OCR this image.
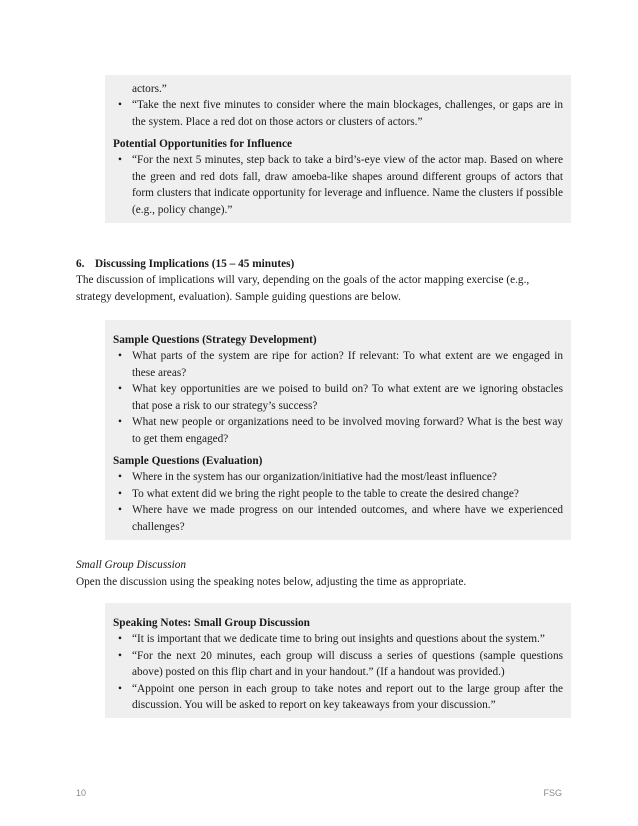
actors.”

• “Take the next five minutes to consider where the main blockages, challenges, or gaps are in the system. Place a red dot on those actors or clusters of actors.”

Potential Opportunities for Influence

• “For the next 5 minutes, step back to take a bird’s-eye view of the actor map. Based on where the green and red dots fall, draw amoeba-like shapes around different groups of actors that form clusters that indicate opportunity for leverage and influence. Name the clusters if possible (e.g., policy change).”

6. Discussing Implications (15 – 45 minutes)

The discussion of implications will vary, depending on the goals of the actor mapping exercise (e.g., strategy development, evaluation). Sample guiding questions are below.

Sample Questions (Strategy Development)

• What parts of the system are ripe for action? If relevant: To what extent are we engaged in these areas?
• What key opportunities are we poised to build on? To what extent are we ignoring obstacles that pose a risk to our strategy’s success?
• What new people or organizations need to be involved moving forward? What is the best way to get them engaged?

Sample Questions (Evaluation)

• Where in the system has our organization/initiative had the most/least influence?
• To what extent did we bring the right people to the table to create the desired change?
• Where have we made progress on our intended outcomes, and where have we experienced challenges?

Small Group Discussion

Open the discussion using the speaking notes below, adjusting the time as appropriate.

Speaking Notes: Small Group Discussion

• “It is important that we dedicate time to bring out insights and questions about the system.”
• “For the next 20 minutes, each group will discuss a series of questions (sample questions above) posted on this flip chart and in your handout.” (If a handout was provided.)
• “Appoint one person in each group to take notes and report out to the large group after the discussion. You will be asked to report on key takeaways from your discussion.”
10	FSG
